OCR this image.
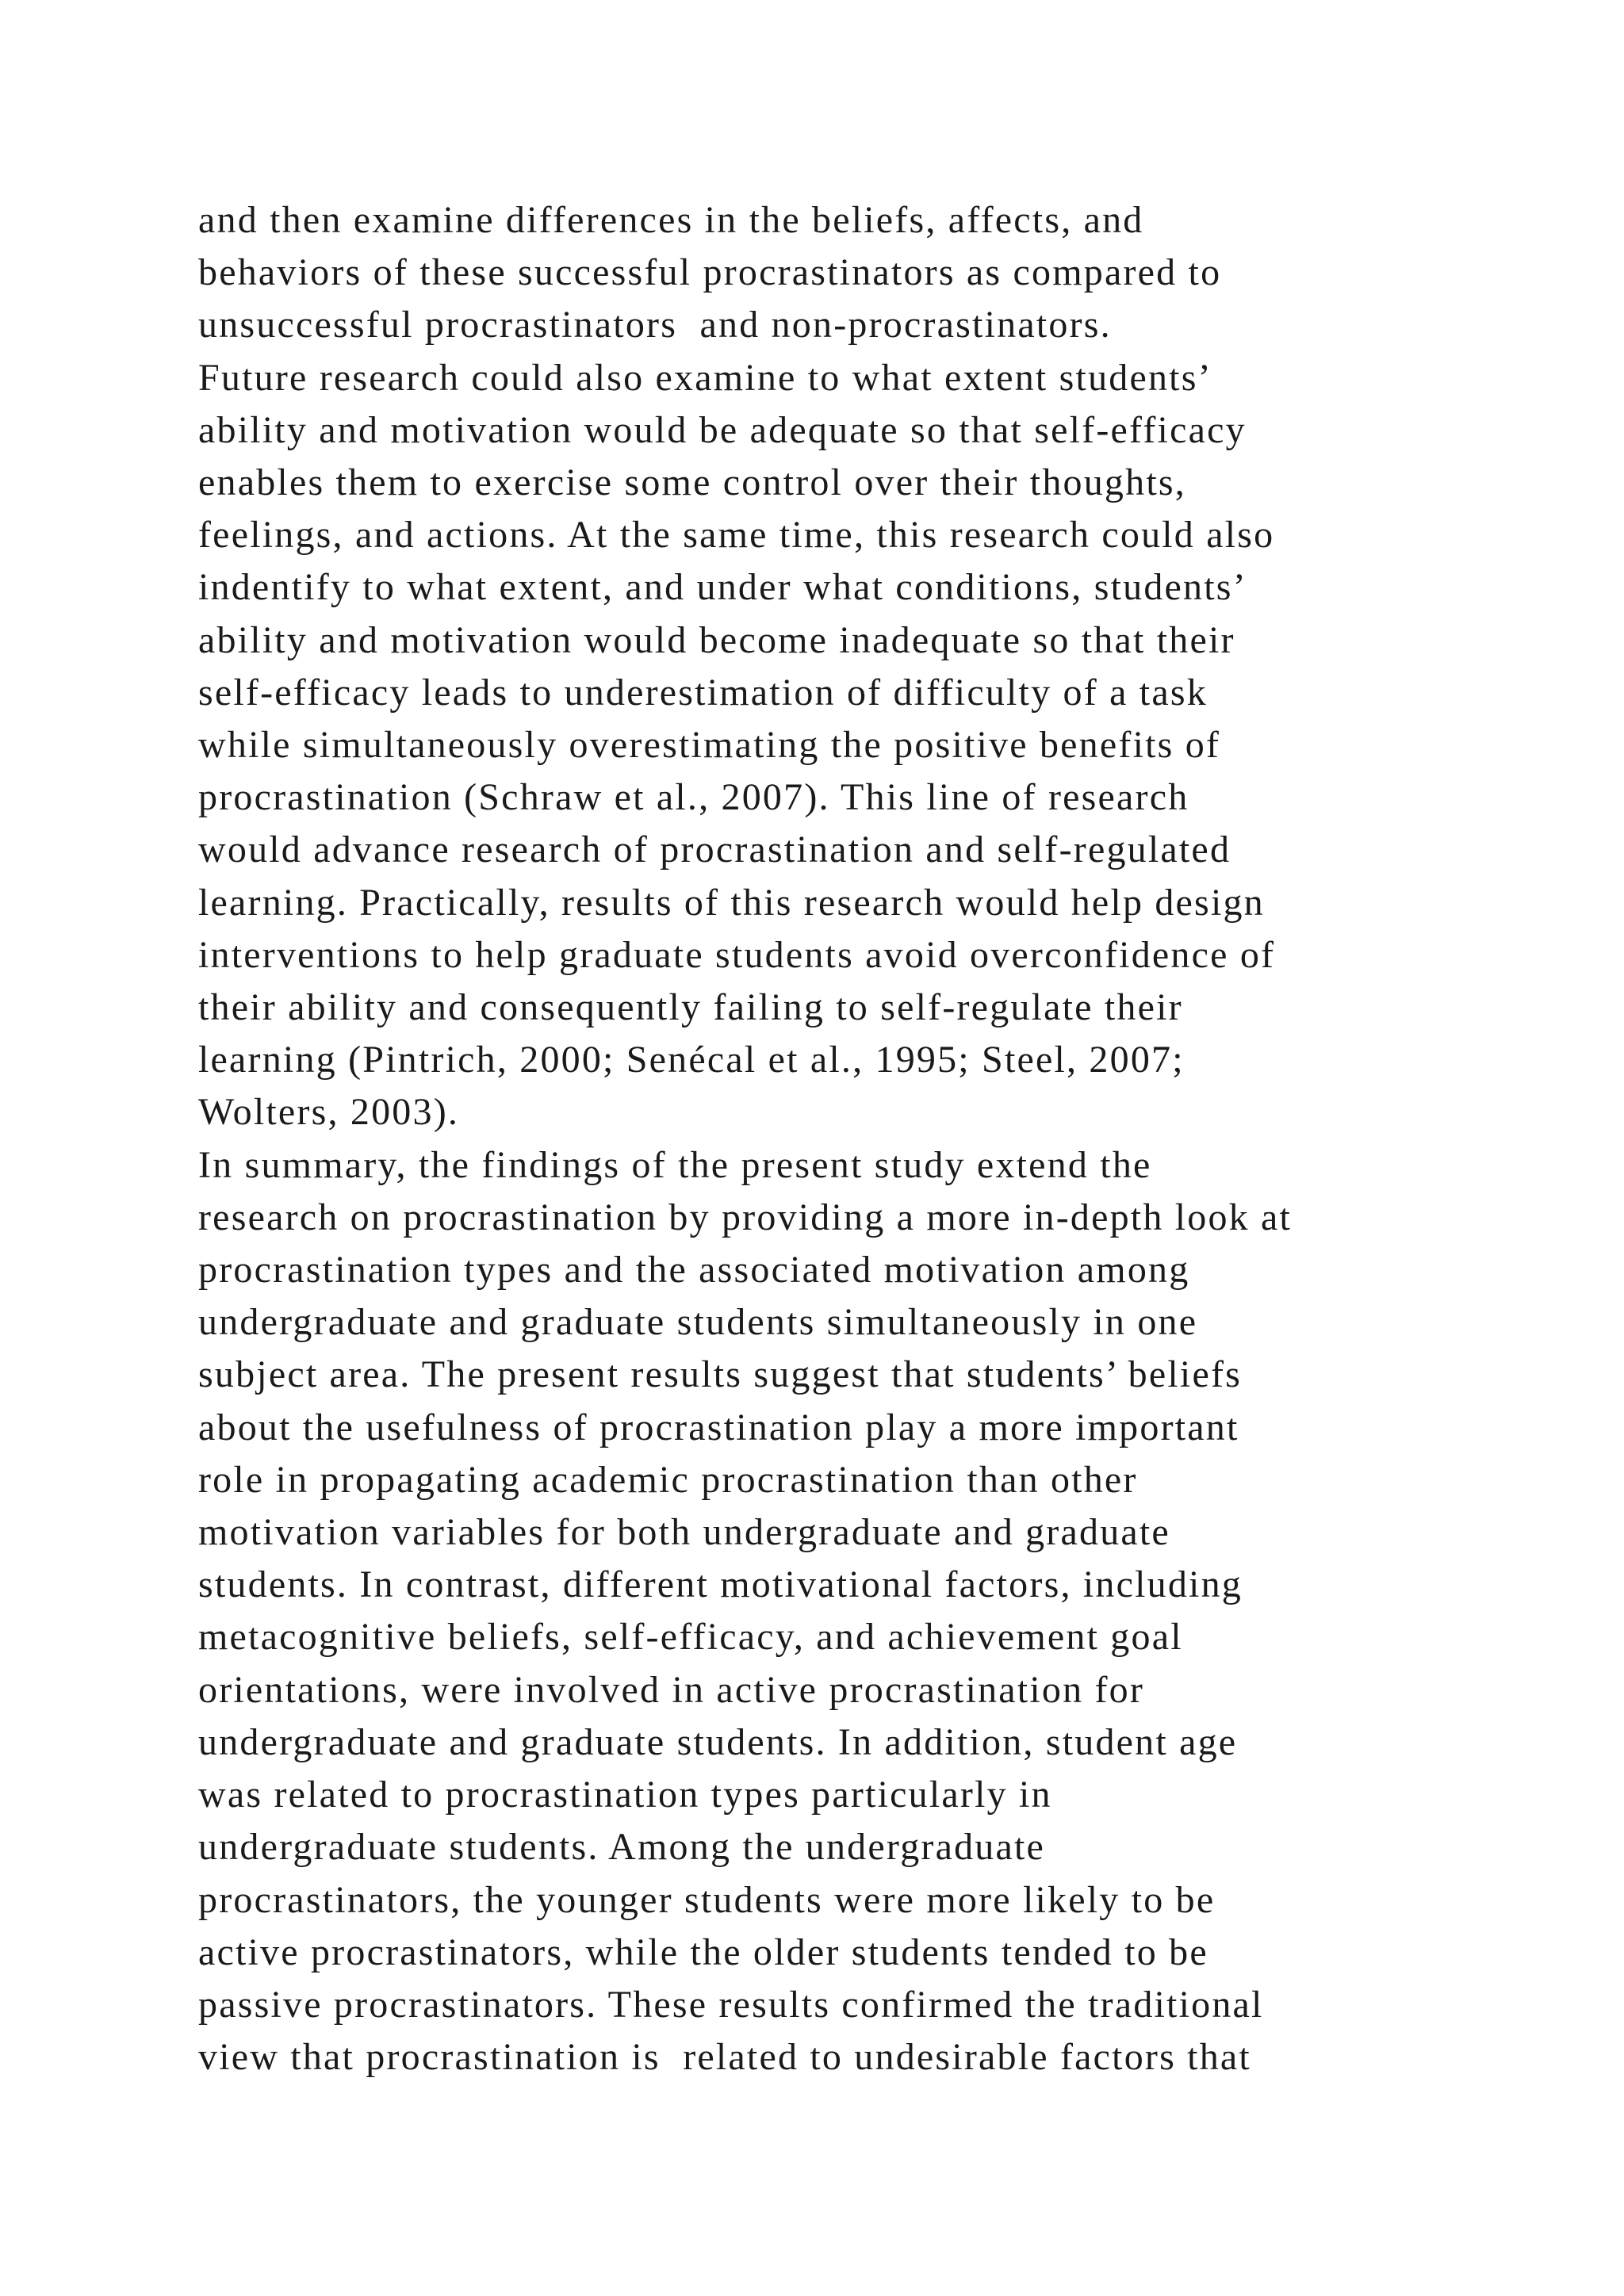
and then examine differences in the beliefs, affects, and
behaviors of these successful procrastinators as compared to
unsuccessful procrastinators  and non-procrastinators.
Future research could also examine to what extent students’
ability and motivation would be adequate so that self-efficacy
enables them to exercise some control over their thoughts,
feelings, and actions. At the same time, this research could also
indentify to what extent, and under what conditions, students’
ability and motivation would become inadequate so that their
self-efficacy leads to underestimation of difficulty of a task
while simultaneously overestimating the positive benefits of
procrastination (Schraw et al., 2007). This line of research
would advance research of procrastination and self-regulated
learning. Practically, results of this research would help design
interventions to help graduate students avoid overconfidence of
their ability and consequently failing to self-regulate their
learning (Pintrich, 2000; Senécal et al., 1995; Steel, 2007;
Wolters, 2003).
In summary, the findings of the present study extend the
research on procrastination by providing a more in-depth look at
procrastination types and the associated motivation among
undergraduate and graduate students simultaneously in one
subject area. The present results suggest that students’ beliefs
about the usefulness of procrastination play a more important
role in propagating academic procrastination than other
motivation variables for both undergraduate and graduate
students. In contrast, different motivational factors, including
metacognitive beliefs, self-efficacy, and achievement goal
orientations, were involved in active procrastination for
undergraduate and graduate students. In addition, student age
was related to procrastination types particularly in
undergraduate students. Among the undergraduate
procrastinators, the younger students were more likely to be
active procrastinators, while the older students tended to be
passive procrastinators. These results confirmed the traditional
view that procrastination is  related to undesirable factors that
